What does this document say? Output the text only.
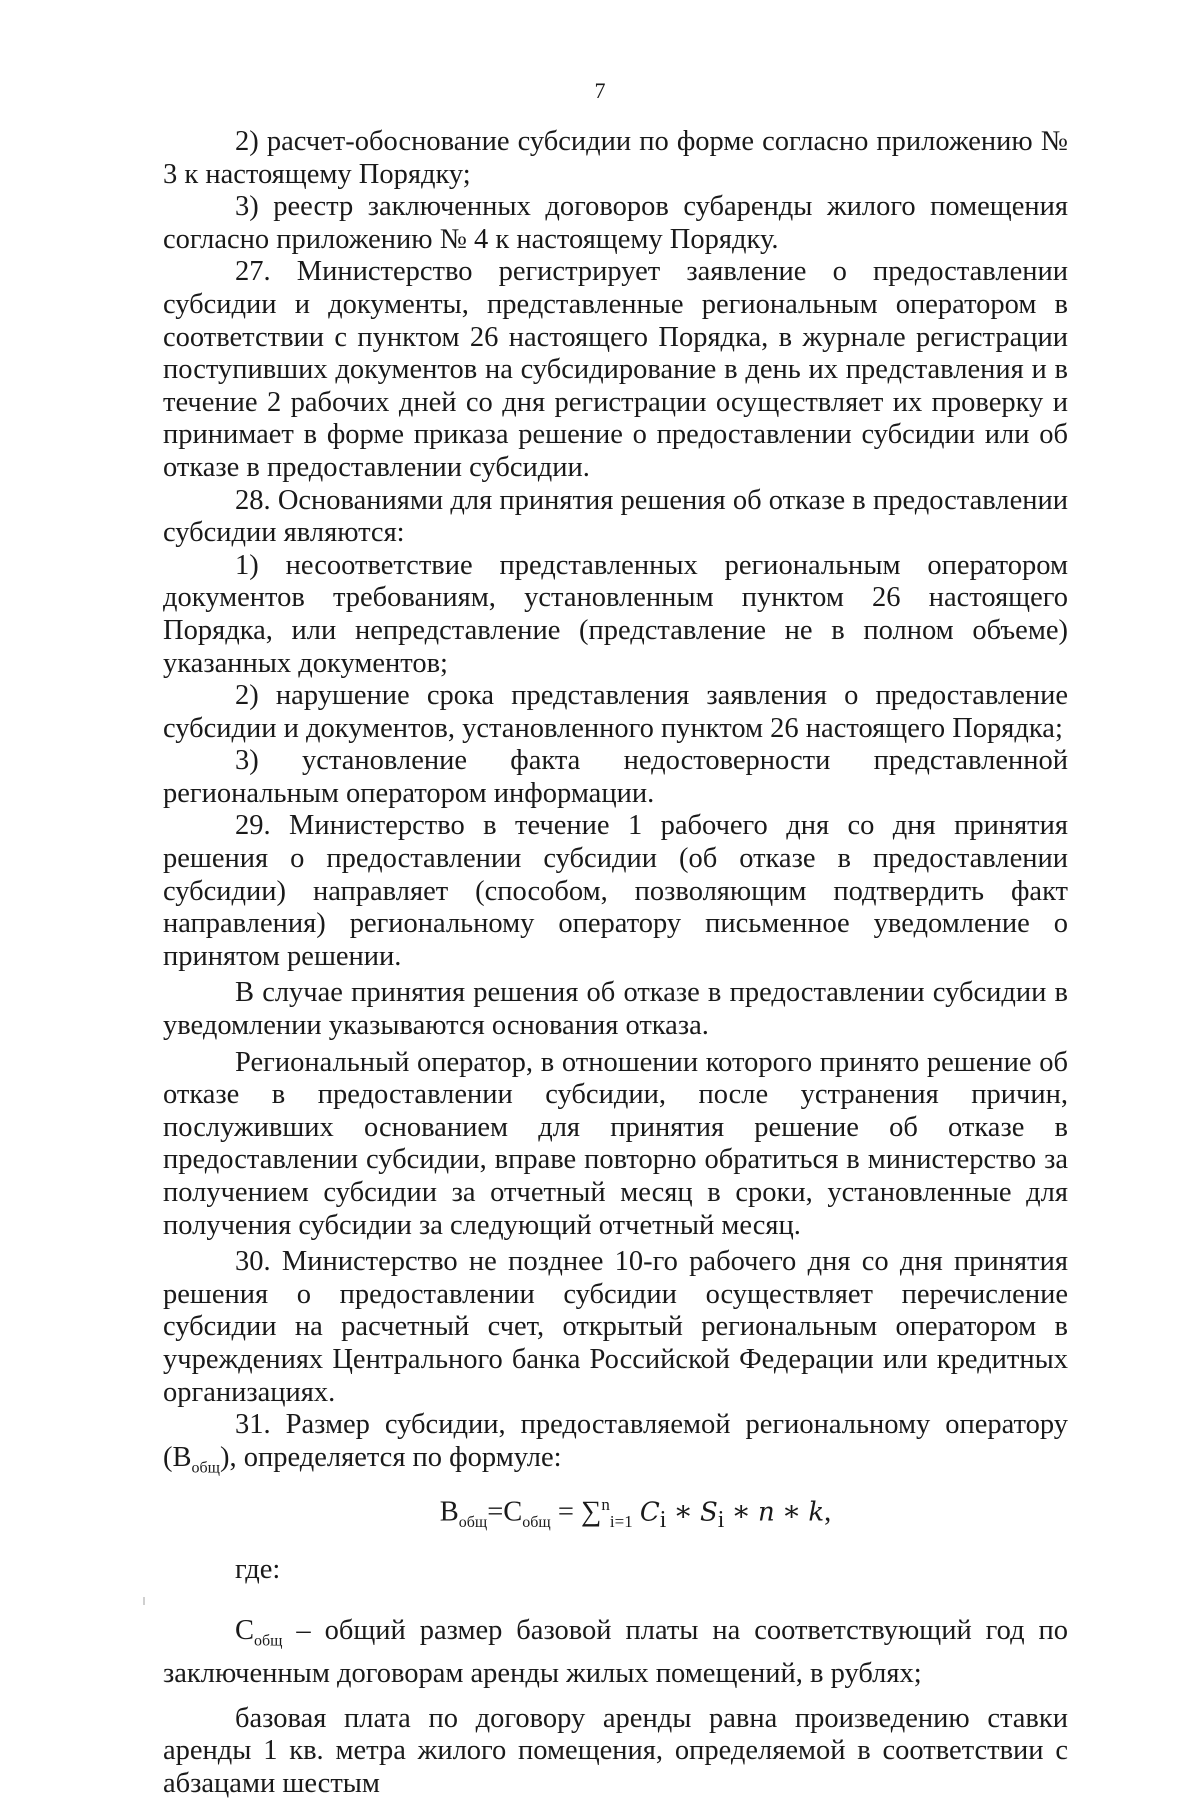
7

2) расчет-обоснование субсидии по форме согласно приложению № 3 к настоящему Порядку;

3) реестр заключенных договоров субаренды жилого помещения согласно приложению № 4 к настоящему Порядку.

27. Министерство регистрирует заявление о предоставлении субсидии и документы, представленные региональным оператором в соответствии с пунктом 26 настоящего Порядка, в журнале регистрации поступивших документов на субсидирование в день их представления и в течение 2 рабочих дней со дня регистрации осуществляет их проверку и принимает в форме приказа решение о предоставлении субсидии или об отказе в предоставлении субсидии.

28. Основаниями для принятия решения об отказе в предоставлении субсидии являются:

1) несоответствие представленных региональным оператором документов требованиям, установленным пунктом 26 настоящего Порядка, или непредставление (представление не в полном объеме) указанных документов;

2) нарушение срока представления заявления о предоставление субсидии и документов, установленного пунктом 26 настоящего Порядка;

3) установление факта недостоверности представленной региональным оператором информации.

29. Министерство в течение 1 рабочего дня со дня принятия решения о предоставлении субсидии (об отказе в предоставлении субсидии) направляет (способом, позволяющим подтвердить факт направления) региональному оператору письменное уведомление о принятом решении.

В случае принятия решения об отказе в предоставлении субсидии в уведомлении указываются основания отказа.

Региональный оператор, в отношении которого принято решение об отказе в предоставлении субсидии, после устранения причин, послуживших основанием для принятия решение об отказе в предоставлении субсидии, вправе повторно обратиться в министерство за получением субсидии за отчетный месяц в сроки, установленные для получения субсидии за следующий отчетный месяц.

30. Министерство не позднее 10-го рабочего дня со дня принятия решения о предоставлении субсидии осуществляет перечисление субсидии на расчетный счет, открытый региональным оператором в учреждениях Центрального банка Российской Федерации или кредитных организациях.

31. Размер субсидии, предоставляемой региональному оператору $(В_{общ})$, определяется по формуле:

$В_{общ}=С_{общ} = \sum^n_{i=1}$ $C_i$ ∗ $S_i$ ∗ n ∗ k,

где:

$С_{общ}$ – общий размер базовой платы на соответствующий год по заключенным договорам аренды жилых помещений, в рублях;

базовая плата по договору аренды равна произведению ставки аренды 1 кв. метра жилого помещения, определяемой в соответствии с абзацами шестым
